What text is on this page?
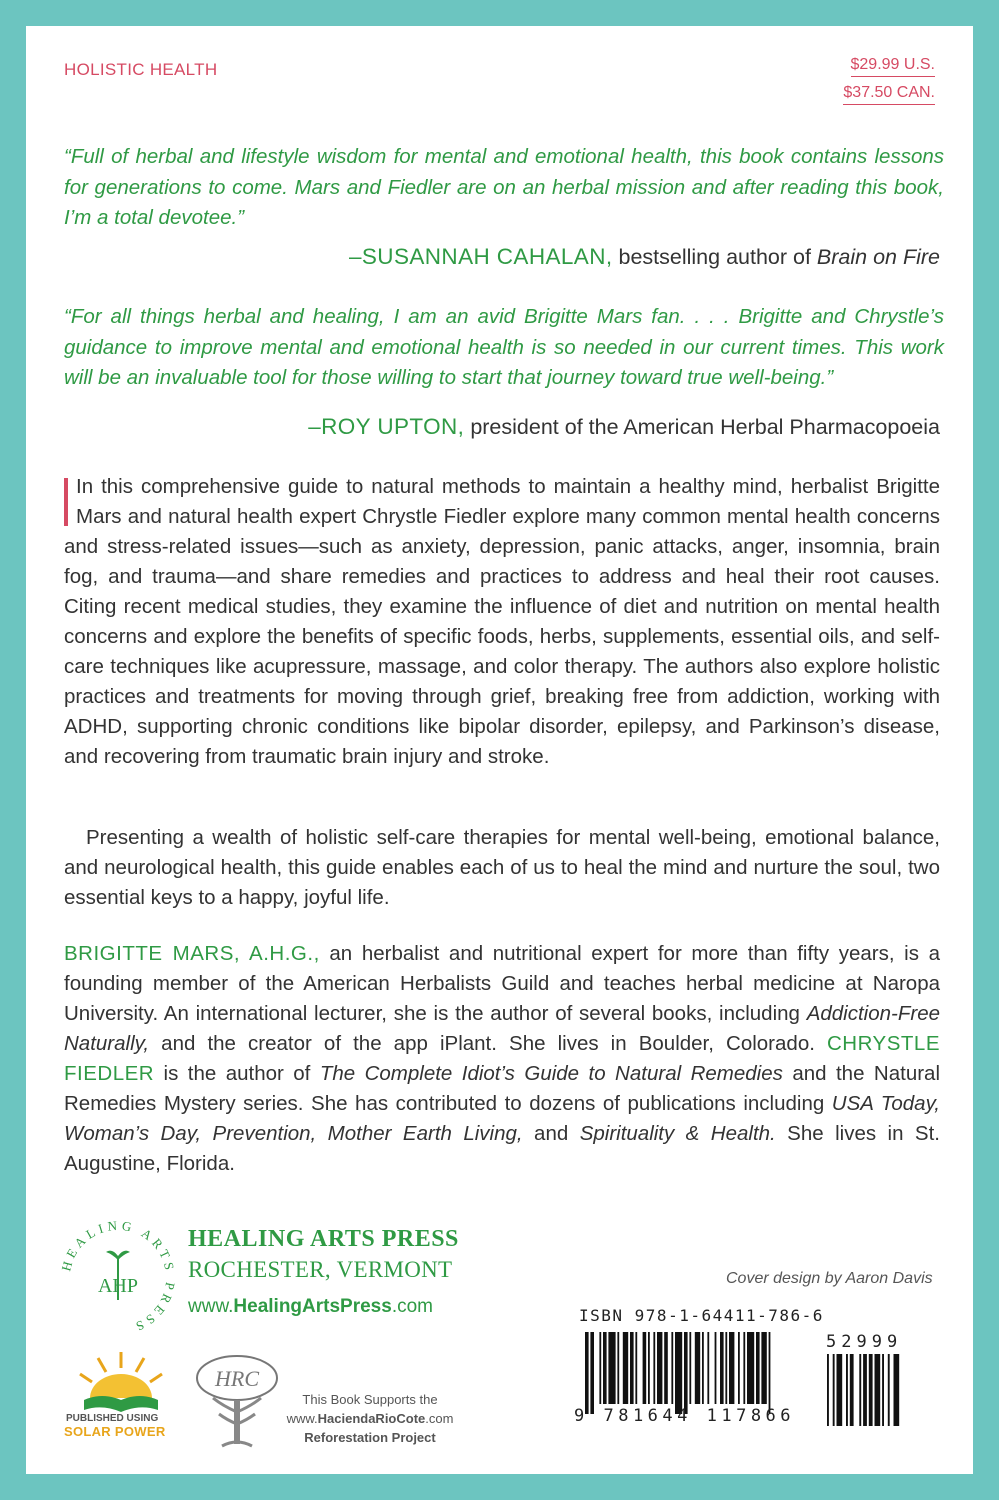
HOLISTIC HEALTH	$29.99 U.S.
$37.50 CAN.
“Full of herbal and lifestyle wisdom for mental and emotional health, this book contains lessons for generations to come. Mars and Fiedler are on an herbal mission and after reading this book, I’m a total devotee.”
–SUSANNAH CAHALAN, bestselling author of Brain on Fire
“For all things herbal and healing, I am an avid Brigitte Mars fan. . . . Brigitte and Chrystle’s guidance to improve mental and emotional health is so needed in our current times. This work will be an invaluable tool for those willing to start that journey toward true well-being.”
–ROY UPTON, president of the American Herbal Pharmacopoeia
In this comprehensive guide to natural methods to maintain a healthy mind, herbalist Brigitte Mars and natural health expert Chrystle Fiedler explore many common mental health concerns and stress-related issues—such as anxiety, depression, panic attacks, anger, insomnia, brain fog, and trauma—and share remedies and practices to address and heal their root causes. Citing recent medical studies, they examine the influence of diet and nutrition on mental health concerns and explore the benefits of specific foods, herbs, supplements, essential oils, and self-care techniques like acupressure, massage, and color therapy. The authors also explore holistic practices and treatments for moving through grief, breaking free from addiction, working with ADHD, supporting chronic conditions like bipolar disorder, epilepsy, and Parkinson’s disease, and recovering from traumatic brain injury and stroke.
Presenting a wealth of holistic self-care therapies for mental well-being, emotional balance, and neurological health, this guide enables each of us to heal the mind and nurture the soul, two essential keys to a happy, joyful life.
BRIGITTE MARS, A.H.G., an herbalist and nutritional expert for more than fifty years, is a founding member of the American Herbalists Guild and teaches herbal medicine at Naropa University. An international lecturer, she is the author of several books, including Addiction-Free Naturally, and the creator of the app iPlant. She lives in Boulder, Colorado. CHRYSTLE FIEDLER is the author of The Complete Idiot’s Guide to Natural Remedies and the Natural Remedies Mystery series. She has contributed to dozens of publications including USA Today, Woman’s Day, Prevention, Mother Earth Living, and Spirituality & Health. She lives in St. Augustine, Florida.
HEALING ARTS PRESS
AHP
HEALING ARTS PRESS
ROCHESTER, VERMONT
www.HealingArtsPress.com
Cover design by Aaron Davis
ISBN 978-1-64411-786-6
9 781644 117866
52999
PUBLISHED USING
SOLAR POWER
HRC
This Book Supports the
www.HaciendaRioCote.com
Reforestation Project
